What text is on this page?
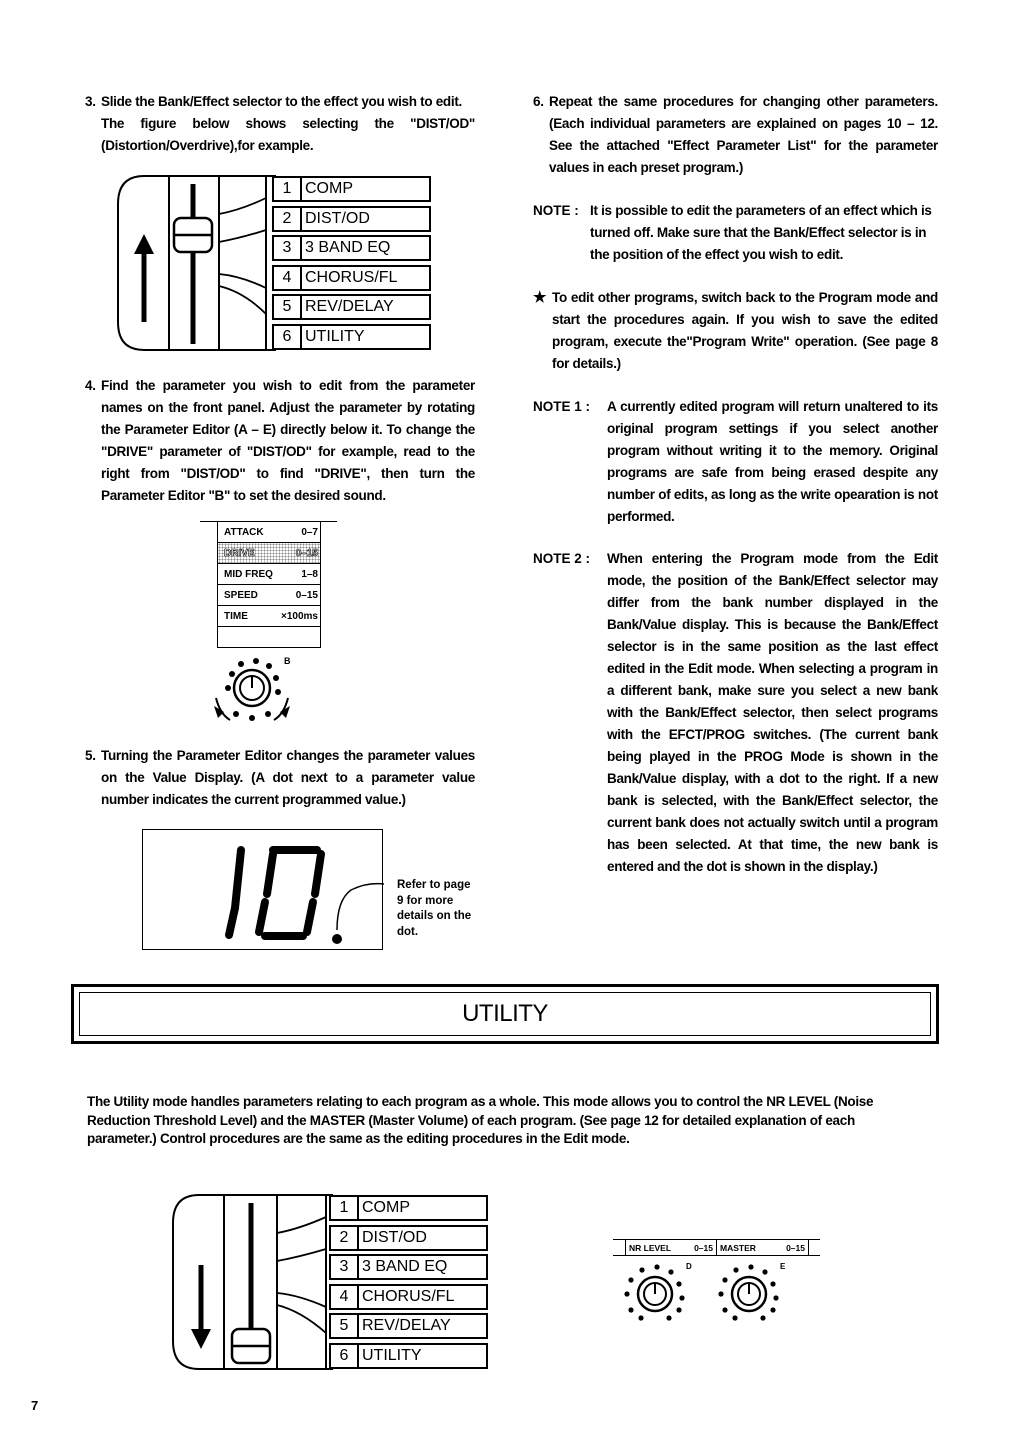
3. Slide the Bank/Effect selector to the effect you wish to edit.
The figure below shows selecting the "DIST/OD" (Distortion/Overdrive),for example.
1 COMP
2 DIST/OD
3 3 BAND EQ
4 CHORUS/FL
5 REV/DELAY
6 UTILITY
4. Find the parameter you wish to edit from the parameter names on the front panel. Adjust the parameter by rotating the Parameter Editor (A – E) directly below it. To change the "DRIVE" parameter of "DIST/OD" for example, read to the right from "DIST/OD" to find "DRIVE", then turn the Parameter Editor "B" to set the desired sound.
ATTACK	0–7
DRIVE	0–15
MID FREQ	1–8
SPEED	0–15
TIME	×100ms
B
5. Turning the Parameter Editor changes the parameter values on the Value Display. (A dot next to a parameter value number indicates the current programmed value.)
Refer to page 9 for more details on the dot.
6. Repeat the same procedures for changing other parameters. (Each individual parameters are explained on pages 10 – 12. See the attached "Effect Parameter List" for the parameter values in each preset program.)
NOTE : It is possible to edit the parameters of an effect which is turned off. Make sure that the Bank/Effect selector is in the position of the effect you wish to edit.
★ To edit other programs, switch back to the Program mode and start the procedures again. If you wish to save the edited program, execute the"Program Write" operation. (See page 8 for details.)
NOTE 1 : A currently edited program will return unaltered to its original program settings if you select another program without writing it to the memory. Original programs are safe from being erased despite any number of edits, as long as the write opearation is not performed.
NOTE 2 : When entering the Program mode from the Edit mode, the position of the Bank/Effect selector may differ from the bank number displayed in the Bank/Value display. This is because the Bank/Effect selector is in the same position as the last effect edited in the Edit mode. When selecting a program in a different bank, make sure you select a new bank with the Bank/Effect selector, then select programs with the EFCT/PROG switches. (The current bank being played in the PROG Mode is shown in the Bank/Value display, with a dot to the right. If a new bank is selected, with the Bank/Effect selector, the current bank does not actually switch until a program has been selected. At that time, the new bank is entered and the dot is shown in the display.)
UTILITY
The Utility mode handles parameters relating to each program as a whole. This mode allows you to control the NR LEVEL (Noise Reduction Threshold Level) and the MASTER (Master Volume) of each program. (See page 12 for detailed explanation of each parameter.) Control procedures are the same as the editing procedures in the Edit mode.
1 COMP
2 DIST/OD
3 3 BAND EQ
4 CHORUS/FL
5 REV/DELAY
6 UTILITY
NR LEVEL	0–15 MASTER	0–15
D	E
7
